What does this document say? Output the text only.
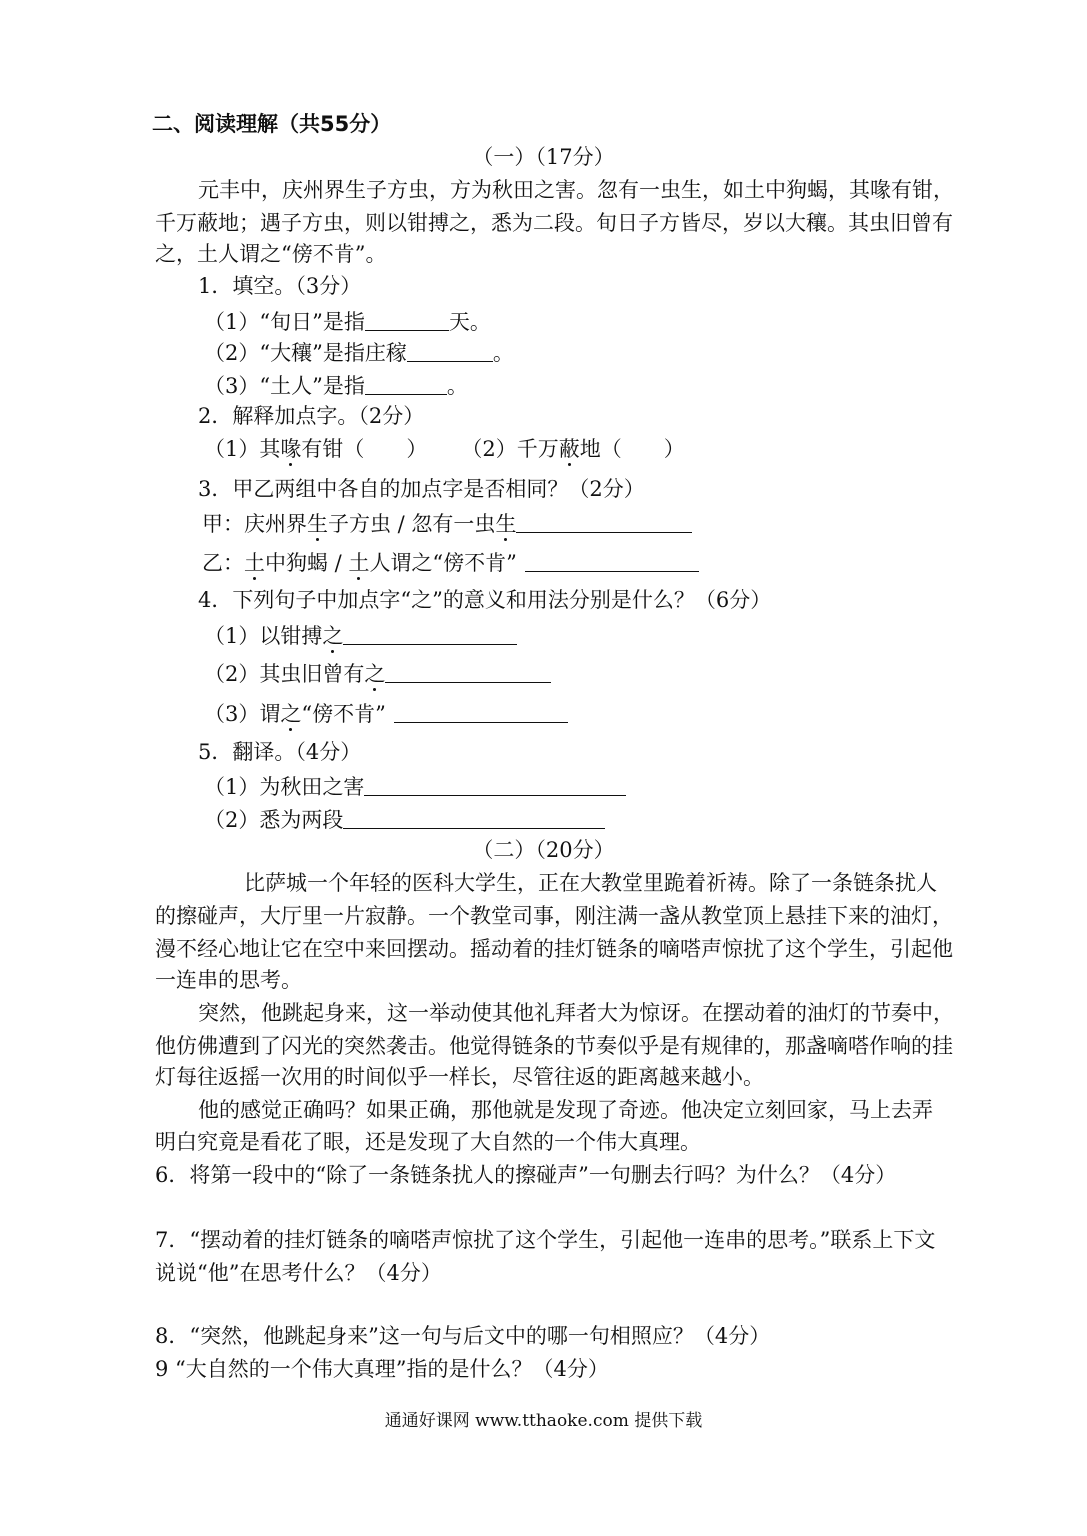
二、阅读理解（共55分）
（一）（17分）
元丰中，庆州界生子方虫，方为秋田之害。忽有一虫生，如土中狗蝎，其喙有钳，
千万蔽地；遇子方虫，则以钳搏之，悉为二段。旬日子方皆尽，岁以大穰。其虫旧曾有
之，土人谓之“傍不肯”。
1．填空。（3分）
（1）“旬日”是指	天。
（2）“大穰”是指庄稼	。
（3）“土人”是指	。
2．解释加点字。（2分）
（1）其喙有钳（　　） （2）千万蔽地（　　）
3．甲乙两组中各自的加点字是否相同？（2分）
甲：庆州界生子方虫 / 忽有一虫生
乙：土中狗蝎 / 土人谓之“傍不肯”
4．下列句子中加点字“之”的意义和用法分别是什么？（6分）
（1）以钳搏之
（2）其虫旧曾有之
（3）谓之“傍不肯”
5．翻译。（4分）
（1）为秋田之害
（2）悉为两段
（二）（20分）
比萨城一个年轻的医科大学生，正在大教堂里跪着祈祷。除了一条链条扰人
的擦碰声，大厅里一片寂静。一个教堂司事，刚注满一盏从教堂顶上悬挂下来的油灯，
漫不经心地让它在空中来回摆动。摇动着的挂灯链条的嘀嗒声惊扰了这个学生，引起他
一连串的思考。
突然，他跳起身来，这一举动使其他礼拜者大为惊讶。在摆动着的油灯的节奏中，
他仿佛遭到了闪光的突然袭击。他觉得链条的节奏似乎是有规律的，那盏嘀嗒作响的挂
灯每往返摇一次用的时间似乎一样长，尽管往返的距离越来越小。
他的感觉正确吗？如果正确，那他就是发现了奇迹。他决定立刻回家，马上去弄
明白究竟是看花了眼，还是发现了大自然的一个伟大真理。
6．将第一段中的“除了一条链条扰人的擦碰声”一句删去行吗？为什么？（4分）
7．“摆动着的挂灯链条的嘀嗒声惊扰了这个学生，引起他一连串的思考。”联系上下文
说说“他”在思考什么？（4分）
8．“突然，他跳起身来”这一句与后文中的哪一句相照应？（4分）
9 “大自然的一个伟大真理”指的是什么？（4分）
通通好课网 www.tthaoke.com 提供下载
